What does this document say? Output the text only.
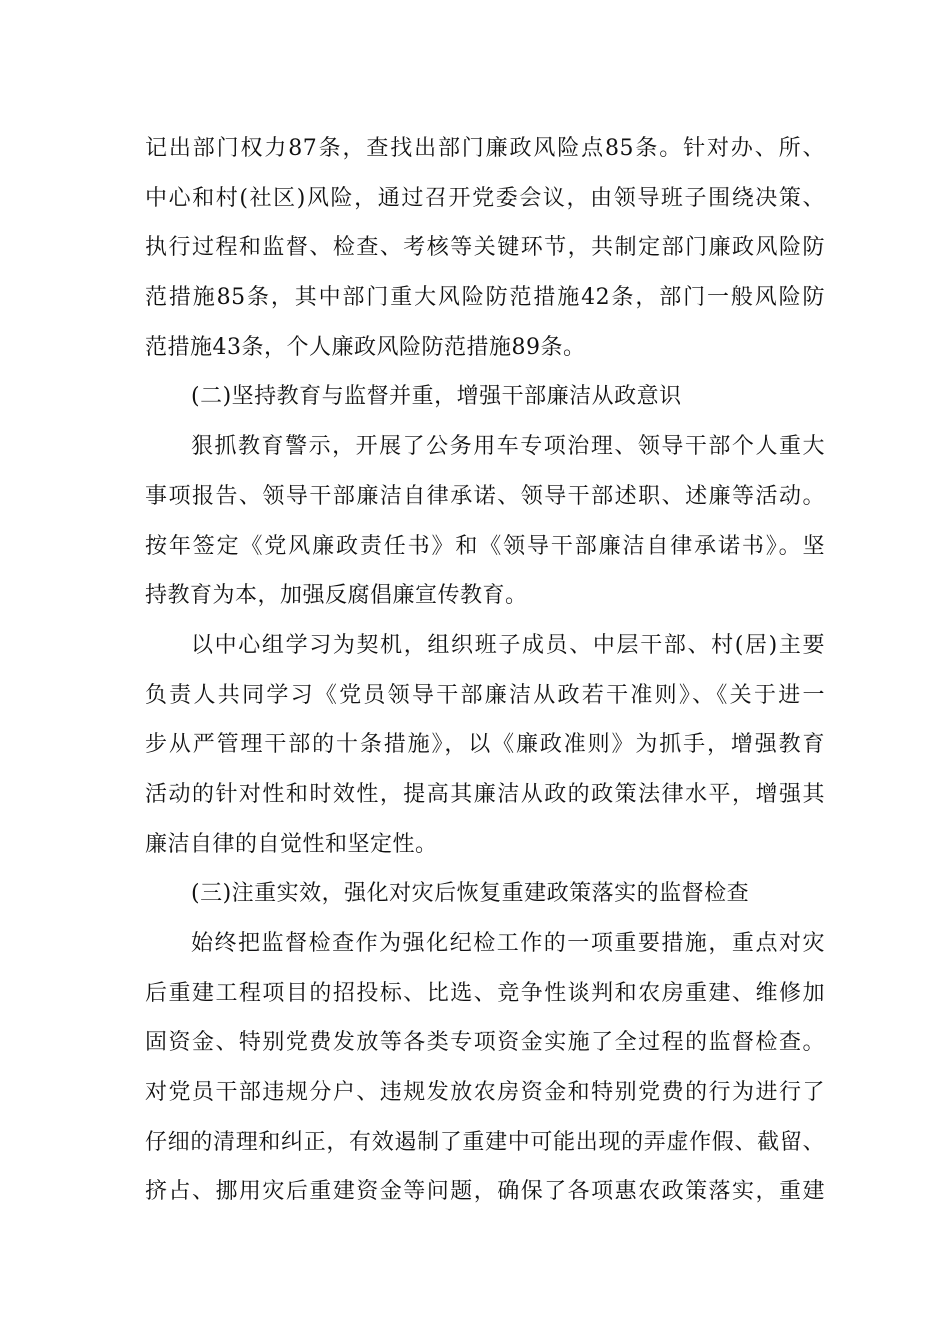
记出部门权力87条，查找出部门廉政风险点85条。针对办、所、
中心和村(社区)风险，通过召开党委会议，由领导班子围绕决策、
执行过程和监督、检查、考核等关键环节，共制定部门廉政风险防
范措施85条，其中部门重大风险防范措施42条，部门一般风险防
范措施43条，个人廉政风险防范措施89条。
(二)坚持教育与监督并重，增强干部廉洁从政意识
狠抓教育警示，开展了公务用车专项治理、领导干部个人重大
事项报告、领导干部廉洁自律承诺、领导干部述职、述廉等活动。
按年签定《党风廉政责任书》和《领导干部廉洁自律承诺书》。坚
持教育为本，加强反腐倡廉宣传教育。
以中心组学习为契机，组织班子成员、中层干部、村(居)主要
负责人共同学习《党员领导干部廉洁从政若干准则》、《关于进一
步从严管理干部的十条措施》，以《廉政准则》为抓手，增强教育
活动的针对性和时效性，提高其廉洁从政的政策法律水平，增强其
廉洁自律的自觉性和坚定性。
(三)注重实效，强化对灾后恢复重建政策落实的监督检查
始终把监督检查作为强化纪检工作的一项重要措施，重点对灾
后重建工程项目的招投标、比选、竞争性谈判和农房重建、维修加
固资金、特别党费发放等各类专项资金实施了全过程的监督检查。
对党员干部违规分户、违规发放农房资金和特别党费的行为进行了
仔细的清理和纠正，有效遏制了重建中可能出现的弄虚作假、截留、
挤占、挪用灾后重建资金等问题，确保了各项惠农政策落实，重建
